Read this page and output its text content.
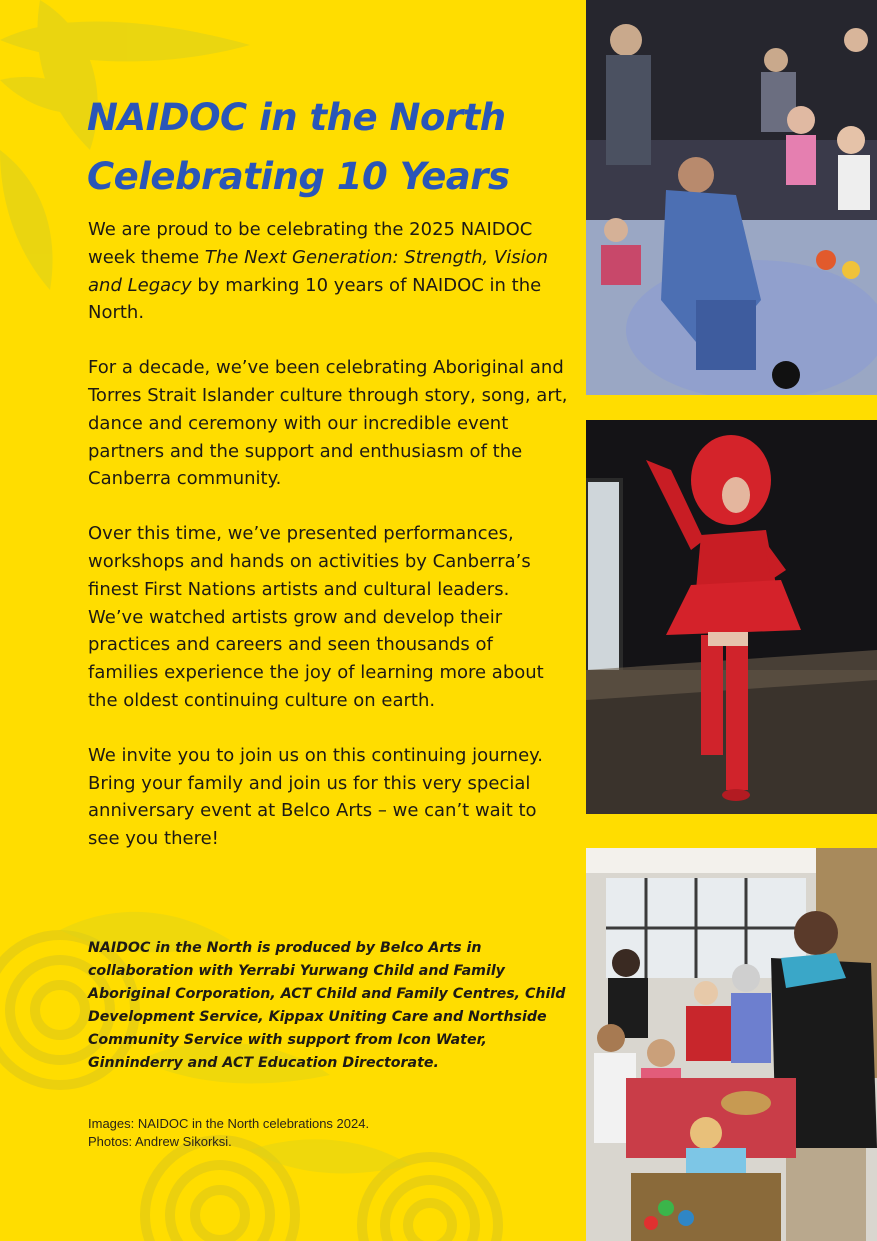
NAIDOC in the North
Celebrating 10 Years

We are proud to be celebrating the 2025 NAIDOC week theme The Next Generation: Strength, Vision and Legacy by marking 10 years of NAIDOC in the North.

For a decade, we’ve been celebrating Aboriginal and Torres Strait Islander culture through story, song, art, dance and ceremony with our incredible event partners and the support and enthusiasm of the Canberra community.

Over this time, we’ve presented performances, workshops and hands on activities by Canberra’s finest First Nations artists and cultural leaders. We’ve watched artists grow and develop their practices and careers and seen thousands of families experience the joy of learning more about the oldest continuing culture on earth.

We invite you to join us on this continuing journey. Bring your family and join us for this very special anniversary event at Belco Arts – we can’t wait to see you there!

NAIDOC in the North is produced by Belco Arts in collaboration with Yerrabi Yurwang Child and Family Aboriginal Corporation, ACT Child and Family Centres, Child Development Service, Kippax Uniting Care and Northside Community Service with support from Icon Water, Ginninderry and ACT Education Directorate.

Images: NAIDOC in the North celebrations 2024.
Photos: Andrew Sikorksi.
